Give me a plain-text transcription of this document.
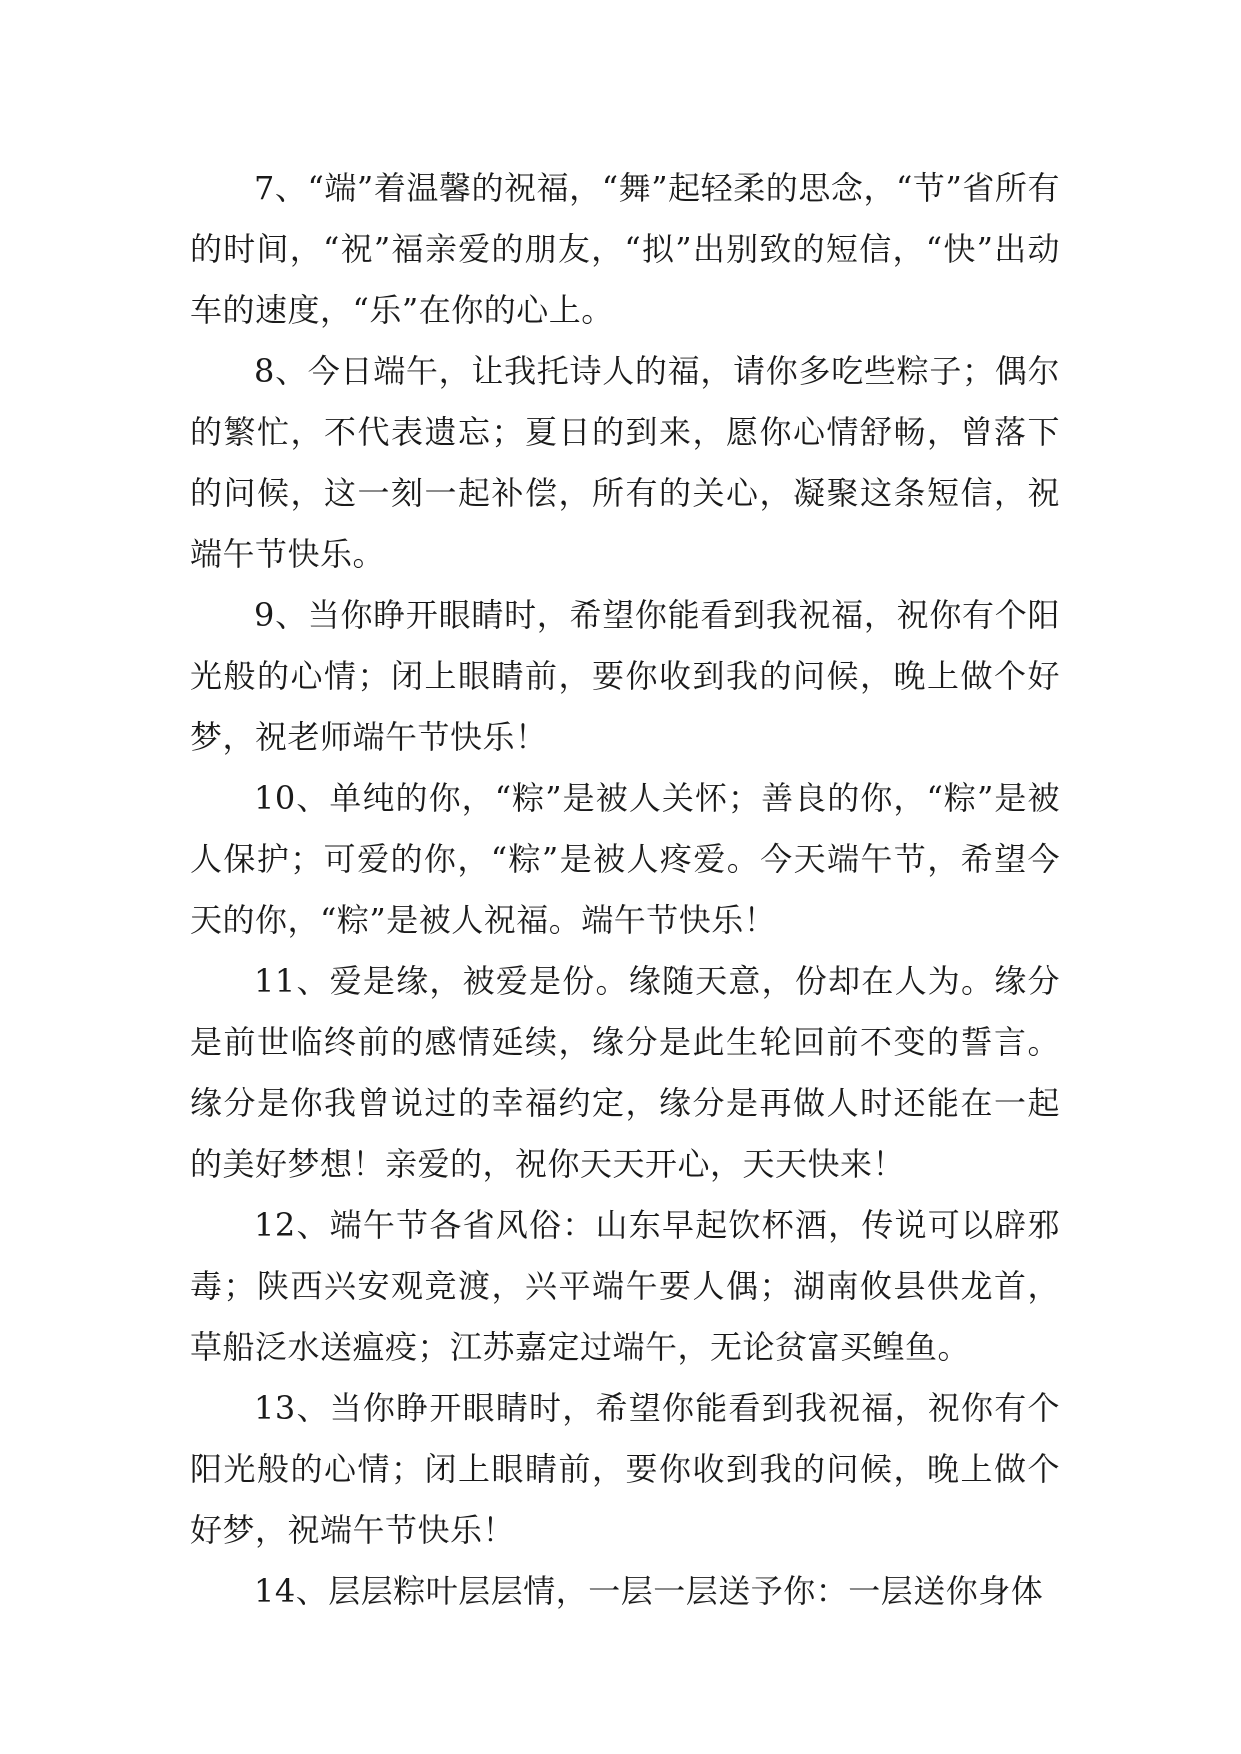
7、“端”着温馨的祝福，“舞”起轻柔的思念，“节”省所有的时间，“祝”福亲爱的朋友，“拟”出别致的短信，“快”出动车的速度，“乐”在你的心上。

8、今日端午，让我托诗人的福，请你多吃些粽子；偶尔的繁忙，不代表遗忘；夏日的到来，愿你心情舒畅，曾落下的问候，这一刻一起补偿，所有的关心，凝聚这条短信，祝端午节快乐。

9、当你睁开眼睛时，希望你能看到我祝福，祝你有个阳光般的心情；闭上眼睛前，要你收到我的问候，晚上做个好梦，祝老师端午节快乐！

10、单纯的你，“粽”是被人关怀；善良的你，“粽”是被人保护；可爱的你，“粽”是被人疼爱。今天端午节，希望今天的你，“粽”是被人祝福。端午节快乐！

11、爱是缘，被爱是份。缘随天意，份却在人为。缘分是前世临终前的感情延续，缘分是此生轮回前不变的誓言。缘分是你我曾说过的幸福约定，缘分是再做人时还能在一起的美好梦想！亲爱的，祝你天天开心，天天快来！

12、端午节各省风俗：山东早起饮杯酒，传说可以辟邪毒；陕西兴安观竞渡，兴平端午要人偶；湖南攸县供龙首，草船泛水送瘟疫；江苏嘉定过端午，无论贫富买鳇鱼。

13、当你睁开眼睛时，希望你能看到我祝福，祝你有个阳光般的心情；闭上眼睛前，要你收到我的问候，晚上做个好梦，祝端午节快乐！

14、层层粽叶层层情，一层一层送予你：一层送你身体
